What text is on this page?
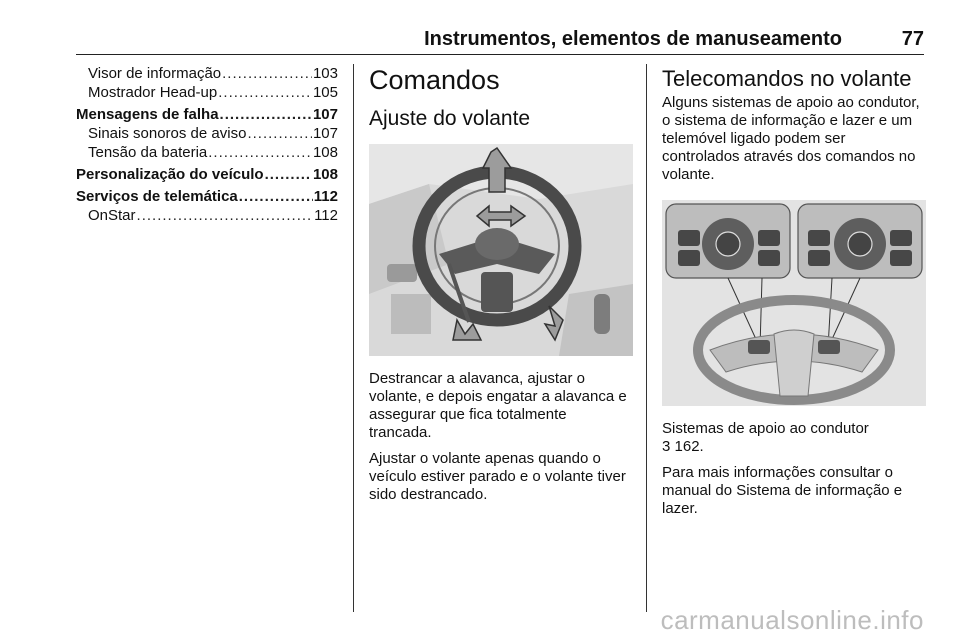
Instrumentos, elementos de manuseamento	77
Visor de informação .....	103
Mostrador Head-up .....	105
Mensagens de falha .....	107
Sinais sonoros de aviso .....	107
Tensão da bateria .....	108
Personalização do veículo .....	108
Serviços de telemática .....	112
OnStar .....	112
Comandos
Ajuste do volante

Destrancar a alavanca, ajustar o volante, e depois engatar a alavanca e assegurar que fica totalmente trancada.

Ajustar o volante apenas quando o veículo estiver parado e o volante tiver sido destrancado.

Telecomandos no volante

Alguns sistemas de apoio ao condutor, o sistema de informação e lazer e um telemóvel ligado podem ser controlados através dos comandos no volante.

Sistemas de apoio ao condutor

3 162.

Para mais informações consultar o manual do Sistema de informação e lazer.

carmanualsonline.info
